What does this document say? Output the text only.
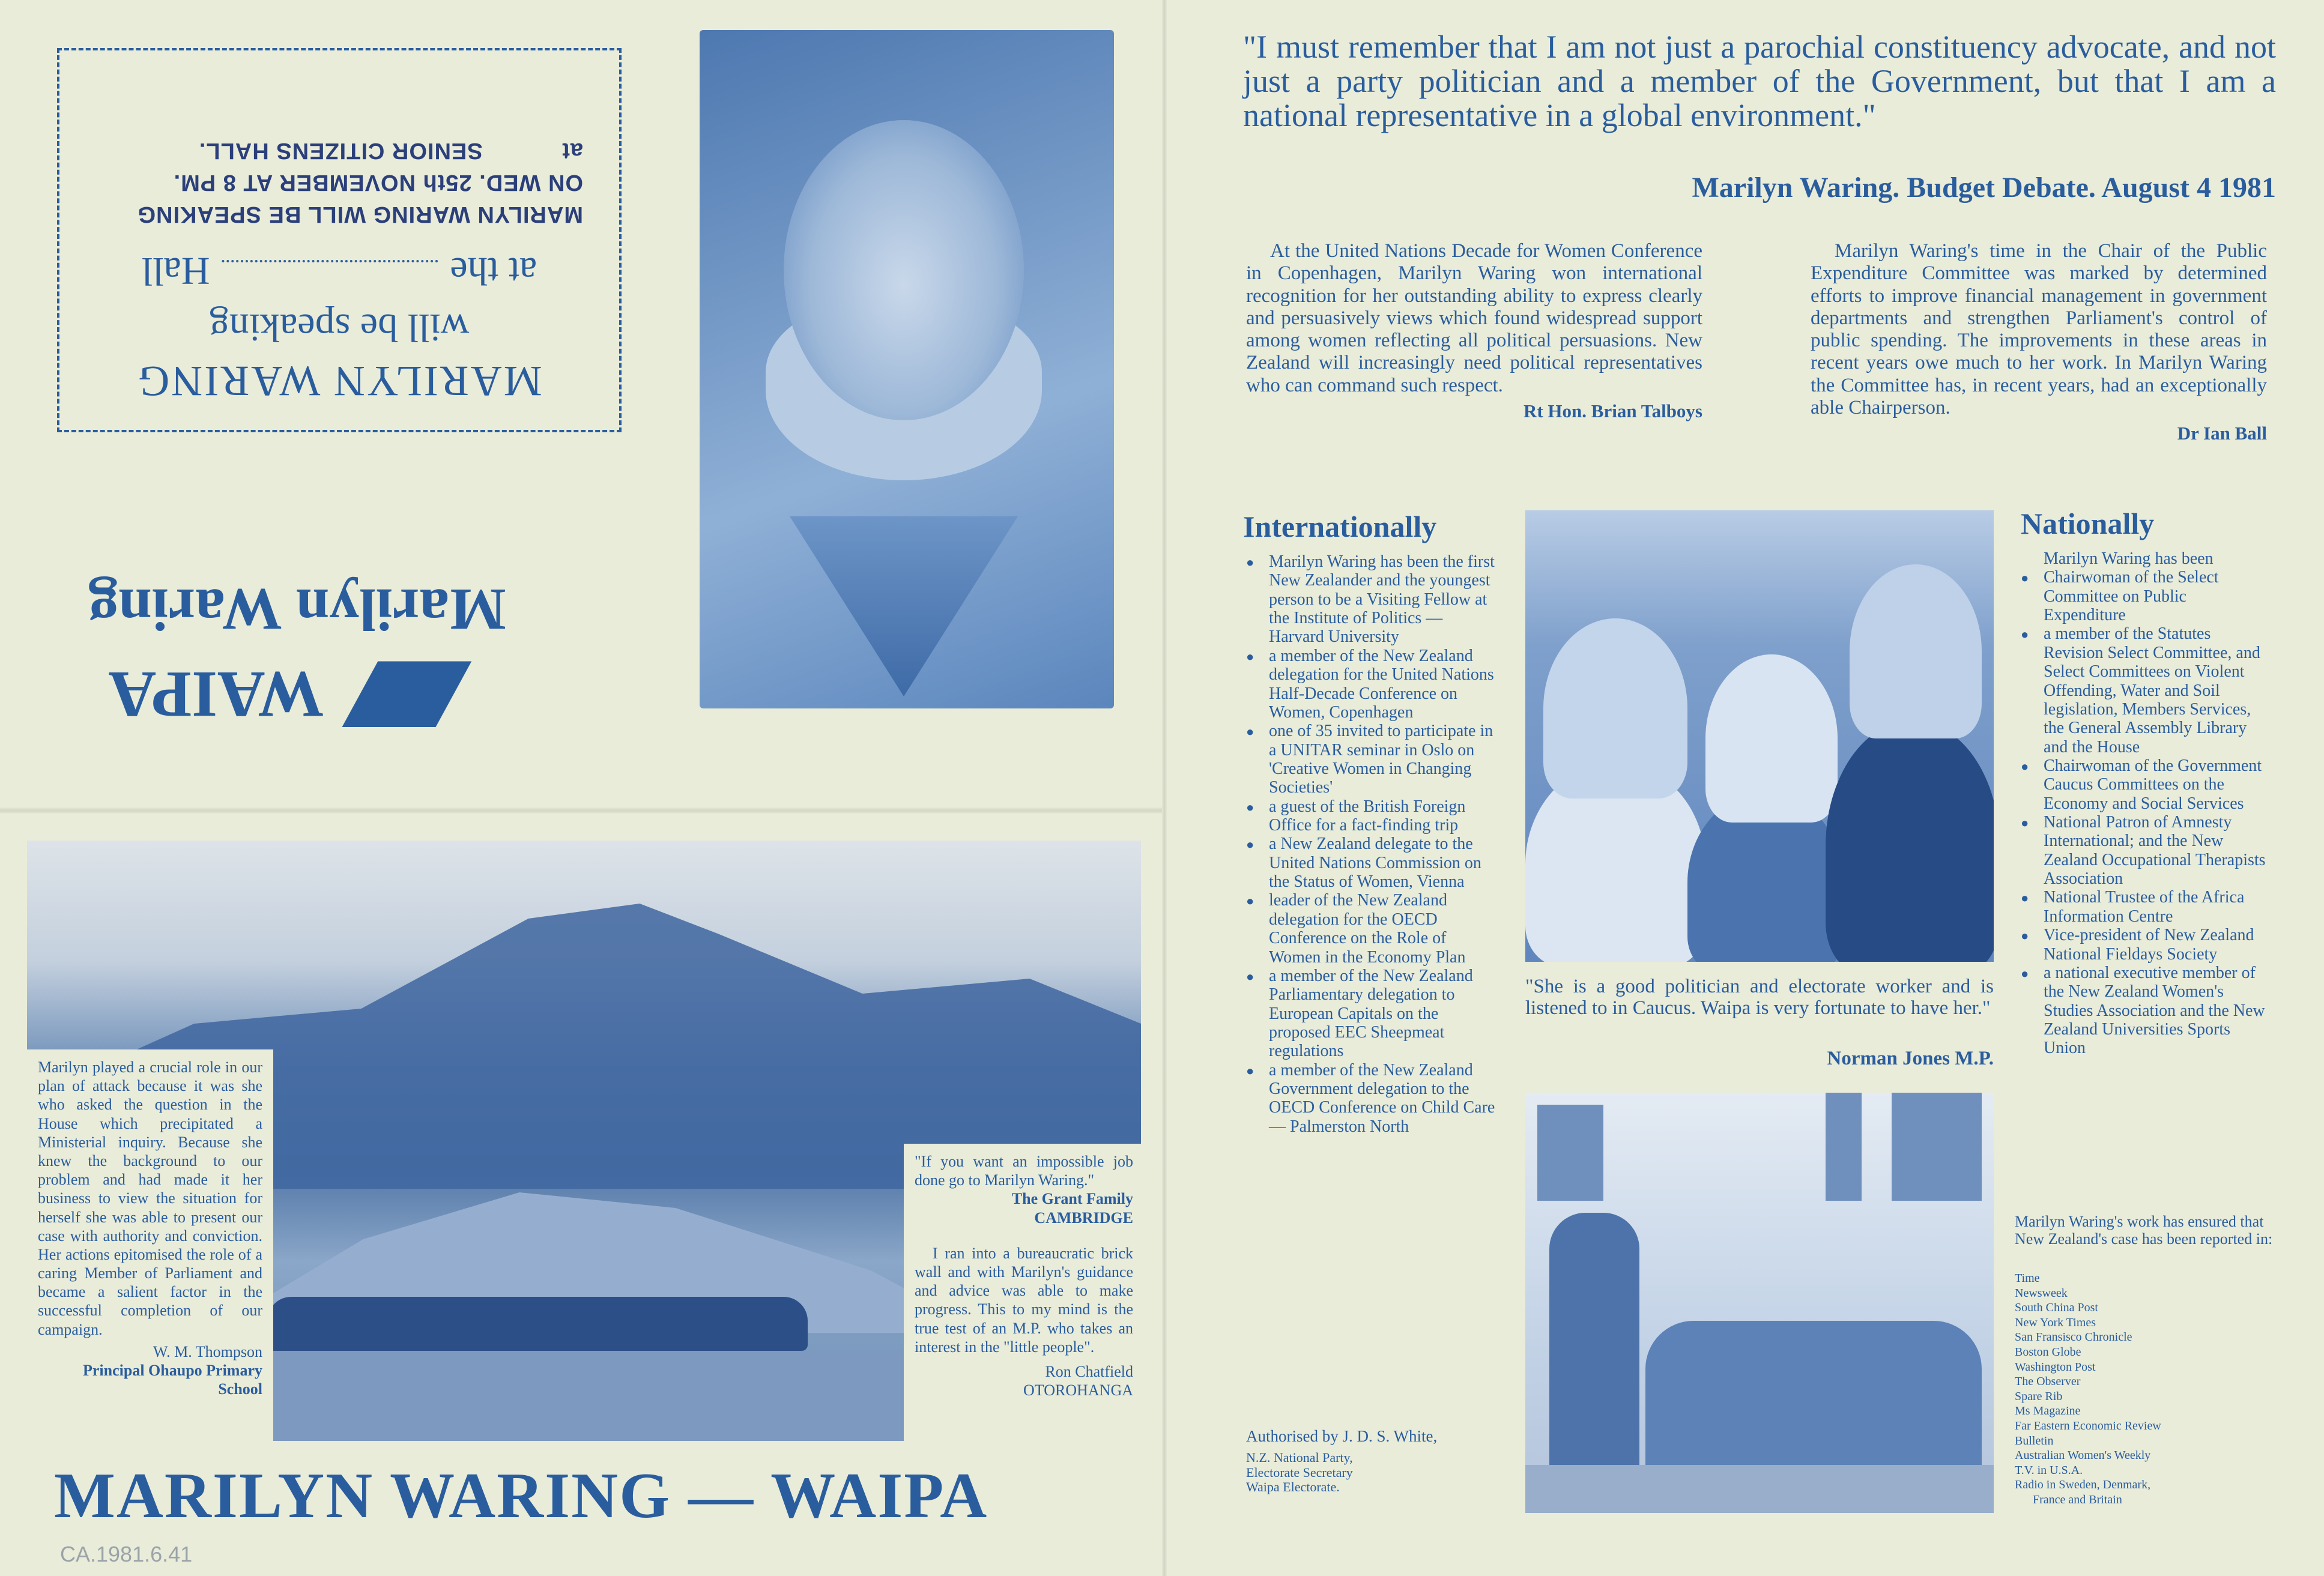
WAIPA
Marilyn Waring
MARILYN WARING
will be speaking
at the
Hall
MARILYN WARING WILL BE SPEAKING
ON WED. 25th NOVEMBER AT 8 PM.
at SENIOR CITIZENS HALL.
Marilyn played a crucial role in our plan of attack because it was she who asked the question in the House which precipitated a Ministerial inquiry. Because she knew the background to our problem and had made it her business to view the situation for herself she was able to present our case with authority and conviction. Her actions epitomised the role of a caring Member of Parliament and became a salient factor in the successful completion of our campaign.
W. M. Thompson
Principal Ohaupo Primary School
"If you want an impossible job done go to Marilyn Waring."
The Grant Family
CAMBRIDGE
I ran into a bureaucratic brick wall and with Marilyn's guidance and advice was able to make progress. This to my mind is the true test of an M.P. who takes an interest in the "little people".
Ron Chatfield
OTOROHANGA
MARILYN WARING — WAIPA
CA.1981.6.41
"I must remember that I am not just a parochial constituency advocate, and not just a party politician and a member of the Government, but that I am a national representative in a global environment."
Marilyn Waring. Budget Debate. August 4 1981

At the United Nations Decade for Women Conference in Copenhagen, Marilyn Waring won international recognition for her outstanding ability to express clearly and persuasively views which found widespread support among women reflecting all political persuasions. New Zealand will increasingly need political representatives who can command such respect.

Rt Hon. Brian Talboys

Marilyn Waring's time in the Chair of the Public Expenditure Committee was marked by determined efforts to improve financial management in government departments and strengthen Parliament's control of public spending. The improvements in these areas in recent years owe much to her work. In Marilyn Waring the Committee has, in recent years, had an exceptionally able Chairperson.

Dr Ian Ball
Internationally
● Marilyn Waring has been the first New Zealander and the youngest person to be a Visiting Fellow at the Institute of Politics — Harvard University
● a member of the New Zealand delegation for the United Nations Half-Decade Conference on Women, Copenhagen
● one of 35 invited to participate in a UNITAR seminar in Oslo on 'Creative Women in Changing Societies'
● a guest of the British Foreign Office for a fact-finding trip
● a New Zealand delegate to the United Nations Commission on the Status of Women, Vienna
● leader of the New Zealand delegation for the OECD Conference on the Role of Women in the Economy Plan
● a member of the New Zealand Parliamentary delegation to European Capitals on the proposed EEC Sheepmeat regulations
● a member of the New Zealand Government delegation to the OECD Conference on Child Care — Palmerston North
"She is a good politician and electorate worker and is listened to in Caucus. Waipa is very fortunate to have her."
Norman Jones M.P.
Nationally
Marilyn Waring has been
● Chairwoman of the Select Committee on Public Expenditure
● a member of the Statutes Revision Select Committee, and Select Committees on Violent Offending, Water and Soil legislation, Members Services, the General Assembly Library and the House
● Chairwoman of the Government Caucus Committees on the Economy and Social Services
● National Patron of Amnesty International; and the New Zealand Occupational Therapists Association
● National Trustee of the Africa Information Centre
● Vice-president of New Zealand National Fieldays Society
● a national executive member of the New Zealand Women's Studies Association and the New Zealand Universities Sports Union
Authorised by J. D. S. White,
N.Z. National Party,
Electorate Secretary
Waipa Electorate.
Marilyn Waring's work has ensured that New Zealand's case has been reported in:
Time
Newsweek
South China Post
New York Times
San Fransisco Chronicle
Boston Globe
Washington Post
The Observer
Spare Rib
Ms Magazine
Far Eastern Economic Review
Bulletin
Australian Women's Weekly
T.V. in U.S.A.
Radio in Sweden, Denmark,
France and Britain
